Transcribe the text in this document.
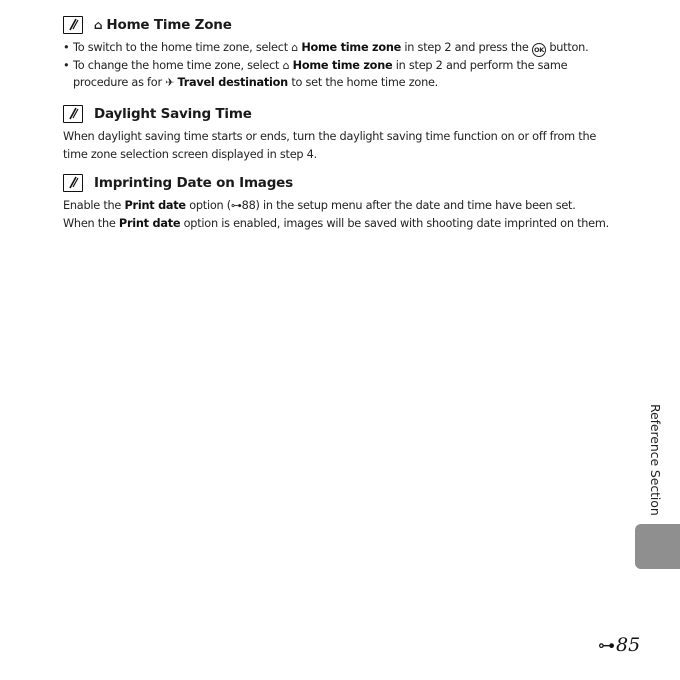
⌂ Home Time Zone
• To switch to the home time zone, select ⌂ Home time zone in step 2 and press the OK button.
• To change the home time zone, select ⌂ Home time zone in step 2 and perform the same procedure as for ✈ Travel destination to set the home time zone.
Daylight Saving Time
When daylight saving time starts or ends, turn the daylight saving time function on or off from the time zone selection screen displayed in step 4.
Imprinting Date on Images
Enable the Print date option (⊶88) in the setup menu after the date and time have been set.
When the Print date option is enabled, images will be saved with shooting date imprinted on them.
Reference Section
⊶85
